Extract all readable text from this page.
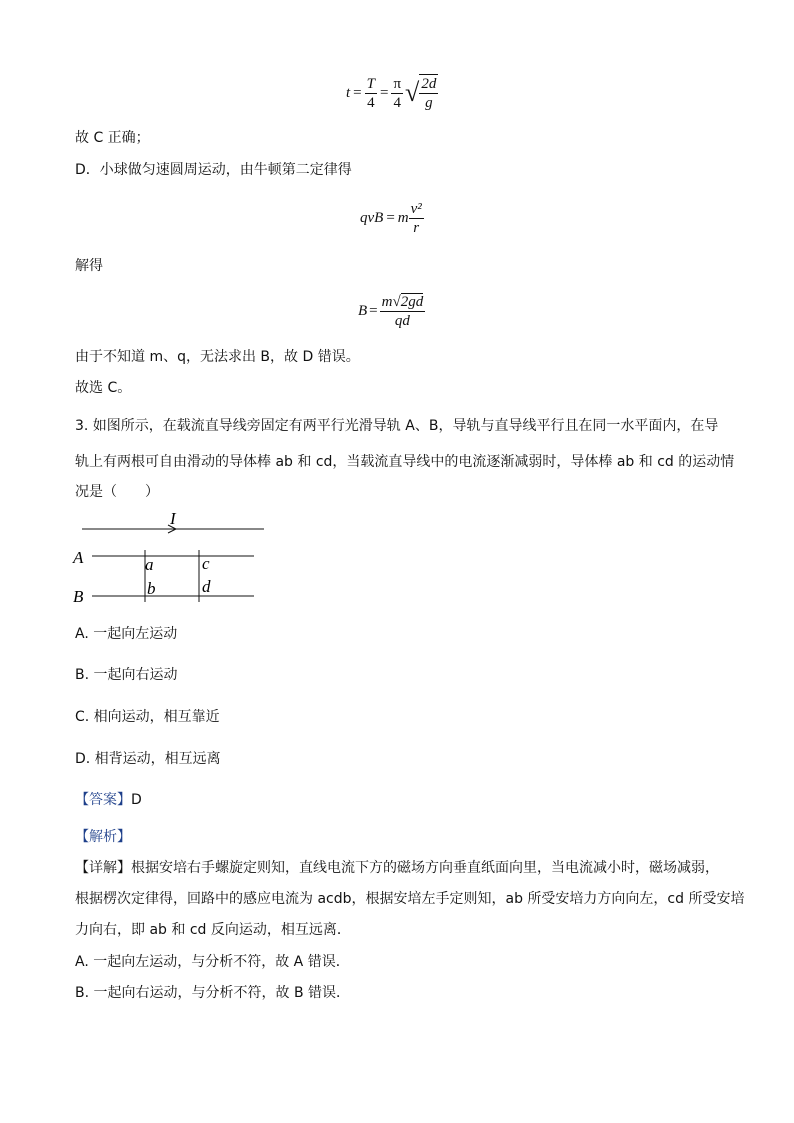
$t = \frac{T}{4} = \frac{\pi}{4}$ √ $\frac{2d}{g}$
故 C 正确；
D．小球做匀速圆周运动，由牛顿第二定律得
qvB = m $\frac{\text{v²}}{r}$
解得
$B = \frac{m√2gd}{qd}$
由于不知道 m、q，无法求出 B，故 D 错误。
故选 C。
3. 如图所示，在载流直导线旁固定有两平行光滑导轨 A、B，导轨与直导线平行且在同一水平面内，在导
轨上有两根可自由滑动的导体棒 ab 和 cd，当载流直导线中的电流逐渐减弱时，导体棒 ab 和 cd 的运动情
况是（　　）
I
A
B
a
b
c
d
A. 一起向左运动
B. 一起向右运动
C. 相向运动，相互靠近
D. 相背运动，相互远离
【答案】D
【解析】
【详解】根据安培右手螺旋定则知，直线电流下方的磁场方向垂直纸面向里，当电流减小时，磁场减弱，
根据楞次定律得，回路中的感应电流为 acdb，根据安培左手定则知，ab 所受安培力方向向左，cd 所受安培
力向右，即 ab 和 cd 反向运动，相互远离．
A. 一起向左运动，与分析不符，故 A 错误．
B. 一起向右运动，与分析不符，故 B 错误．
